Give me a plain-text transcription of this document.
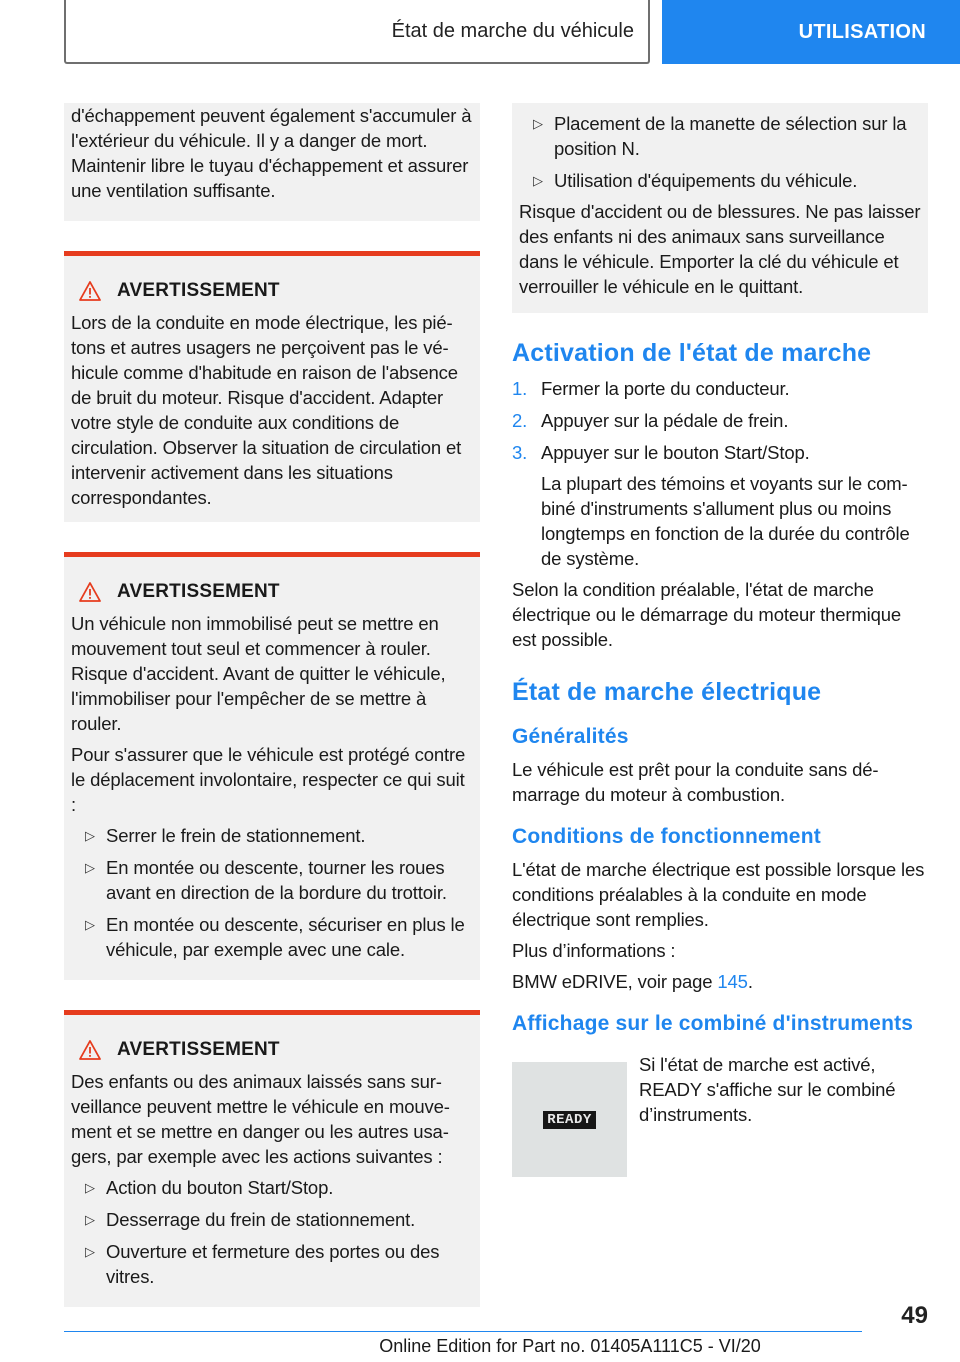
État de marche du véhicule	UTILISATION

d'échappement peuvent également s'accumuler à l'extérieur du véhicule. Il y a danger de mort. Maintenir libre le tuyau d'échappement et assurer une ventilation suffisante.

AVERTISSEMENT

Lors de la conduite en mode électrique, les piétons et autres usagers ne perçoivent pas le véhicule comme d'habitude en raison de l'absence de bruit du moteur. Risque d'accident. Adapter votre style de conduite aux conditions de circulation. Observer la situation de circulation et intervenir activement dans les situations correspondantes.

AVERTISSEMENT

Un véhicule non immobilisé peut se mettre en mouvement tout seul et commencer à rouler. Risque d'accident. Avant de quitter le véhicule, l'immobiliser pour l'empêcher de se mettre à rouler.

Pour s'assurer que le véhicule est protégé contre le déplacement involontaire, respecter ce qui suit :

▷ Serrer le frein de stationnement.
▷ En montée ou descente, tourner les roues avant en direction de la bordure du trottoir.
▷ En montée ou descente, sécuriser en plus le véhicule, par exemple avec une cale.
AVERTISSEMENT

Des enfants ou des animaux laissés sans surveillance peuvent mettre le véhicule en mouvement et se mettre en danger ou les autres usagers, par exemple avec les actions suivantes :

▷ Action du bouton Start/Stop.
▷ Desserrage du frein de stationnement.
▷ Ouverture et fermeture des portes ou des vitres.
▷ Placement de la manette de sélection sur la position N.
▷ Utilisation d'équipements du véhicule.

Risque d'accident ou de blessures. Ne pas laisser des enfants ni des animaux sans surveillance dans le véhicule. Emporter la clé du véhicule et verrouiller le véhicule en le quittant.

Activation de l'état de marche
1. Fermer la porte du conducteur.
2. Appuyer sur la pédale de frein.
3. Appuyer sur le bouton Start/Stop.

La plupart des témoins et voyants sur le combiné d'instruments s'allument plus ou moins longtemps en fonction de la durée du contrôle de système.

Selon la condition préalable, l'état de marche électrique ou le démarrage du moteur thermique est possible.

État de marche électrique
Généralités

Le véhicule est prêt pour la conduite sans démarrage du moteur à combustion.

Conditions de fonctionnement

L'état de marche électrique est possible lorsque les conditions préalables à la conduite en mode électrique sont remplies.

Plus d’informations :

BMW eDRIVE, voir page 145.

Affichage sur le combiné d'instruments
READY

Si l'état de marche est activé, READY s'affiche sur le combiné d’instruments.

49
Online Edition for Part no. 01405A111C5 - VI/20
